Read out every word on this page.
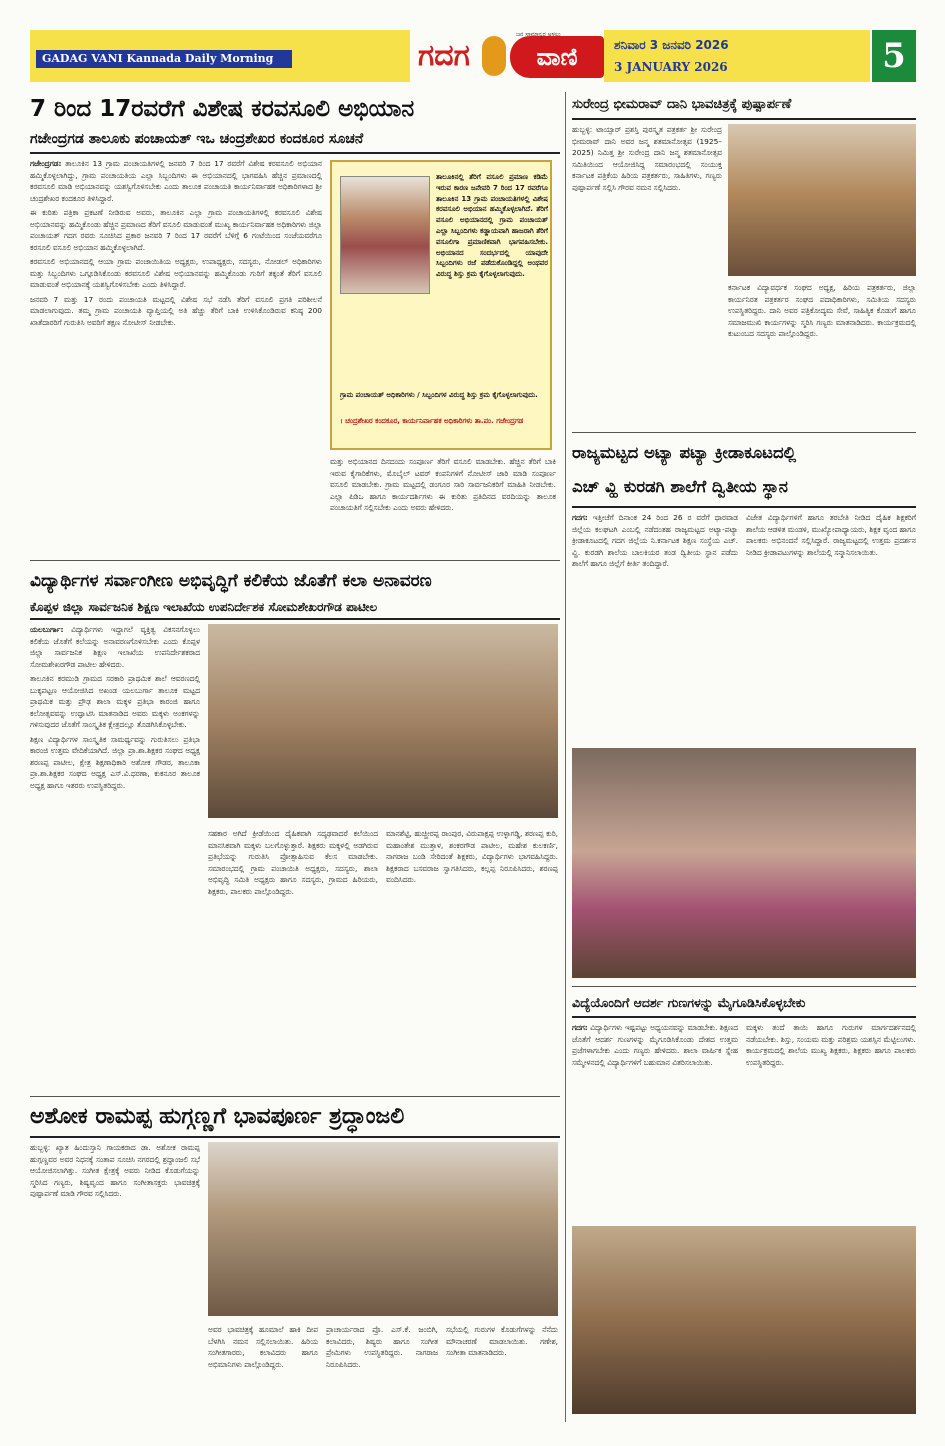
GADAG VANI Kannada Daily Morning	ಗದಗ	ವಾಣಿ
ಜನ ಸಾಮಾನ್ಯರ ಅಳಲು
ಶನಿವಾರ 3 ಜನವರಿ 2026
3 JANUARY 2026	5
7 ರಿಂದ 17ರವರೆಗೆ ವಿಶೇಷ ಕರವಸೂಲಿ ಅಭಿಯಾನ
ಗಜೇಂದ್ರಗಡ ತಾಲೂಕು ಪಂಚಾಯತ್ ಇಒ ಚಂದ್ರಶೇಖರ ಕಂದಕೂರ ಸೂಚನೆ

ಗಜೇಂದ್ರಗಡ: ತಾಲೂಕಿನ 13 ಗ್ರಾಮ ಪಂಚಾಯತಿಗಳಲ್ಲಿ ಜನವರಿ 7 ರಿಂದ 17 ರವರೆಗೆ ವಿಶೇಷ ಕರವಸೂಲಿ ಅಭಿಯಾನ ಹಮ್ಮಿಕೊಳ್ಳಲಾಗಿದ್ದು, ಗ್ರಾಮ ಪಂಚಾಯತಿಯ ಎಲ್ಲಾ ಸಿಬ್ಬಂದಿಗಳು ಈ ಅಭಿಯಾನದಲ್ಲಿ ಭಾಗವಹಿಸಿ ಹೆಚ್ಚಿನ ಪ್ರಮಾಣದಲ್ಲಿ ಕರವಸೂಲಿ ಮಾಡಿ ಅಭಿಯಾನವನ್ನು ಯಶಸ್ವಿಗೊಳಿಸಬೇಕು ಎಂದು ತಾಲೂಕ ಪಂಚಾಯತಿ ಕಾರ್ಯನಿರ್ವಾಹಕ ಅಧಿಕಾರಿಗಳಾದ ಶ್ರೀ ಚಂದ್ರಶೇಖರ ಕಂದಕೂರ ತಿಳಿಸಿದ್ದಾರೆ.

ಈ ಕುರಿತು ಪತ್ರಿಕಾ ಪ್ರಕಟಣೆ ನೀಡಿರುವ ಅವರು, ತಾಲೂಕಿನ ಎಲ್ಲಾ ಗ್ರಾಮ ಪಂಚಾಯತಿಗಳಲ್ಲಿ ಕರವಸೂಲಿ ವಿಶೇಷ ಅಭಿಯಾನವನ್ನು ಹಮ್ಮಿಕೊಂಡು ಹೆಚ್ಚಿನ ಪ್ರಮಾಣದ ತೆರಿಗೆ ವಸೂಲಿ ಮಾಡುವಂತೆ ಮುಖ್ಯ ಕಾರ್ಯನಿರ್ವಾಹಕ ಅಧಿಕಾರಿಗಳು ಜಿಲ್ಲಾ ಪಂಚಾಯತ್ ಗದಗ ರವರು ಸೂಚಿಸಿದ ಪ್ರಕಾರ ಜನವರಿ 7 ರಿಂದ 17 ರವರೆಗೆ ಬೆಳಿಗ್ಗೆ 6 ಗಂಟೆಯಿಂದ ಸಂಜೆಯವರೆಗೂ ಕರಸೂಲಿ ವಸೂಲಿ ಅಭಿಯಾನ ಹಮ್ಮಿಕೊಳ್ಳಲಾಗಿದೆ.

ಕರವಸೂಲಿ ಅಭಿಯಾನದಲ್ಲಿ ಆಯಾ ಗ್ರಾಮ ಪಂಚಾಯಿತಿಯ ಅಧ್ಯಕ್ಷರು, ಉಪಾಧ್ಯಕ್ಷರು, ಸದಸ್ಯರು, ನೋಡಲ್ ಅಧಿಕಾರಿಗಳು ಮತ್ತು ಸಿಬ್ಬಂದಿಗಳು ಒಗ್ಗೂಡಿಸಿಕೊಂಡು ಕರವಸೂಲಿ ವಿಶೇಷ ಅಭಿಯಾನವನ್ನು ಹಮ್ಮಿಕೊಂಡು ಗುರಿಗೆ ತಕ್ಕಂತೆ ತೆರಿಗೆ ವಸೂಲಿ ಮಾಡುವಂತೆ ಅಭಿಯಾನಕ್ಕೆ ಯಶಸ್ವಿಗೊಳಿಸಬೇಕು ಎಂದು ತಿಳಿಸಿದ್ದಾರೆ.

ಜನವರಿ 7 ಮತ್ತು 17 ರಂದು ಪಂಚಾಯತಿ ಮಟ್ಟದಲ್ಲಿ ವಿಶೇಷ ಸಭೆ ನಡೆಸಿ ತೆರಿಗೆ ವಸೂಲಿ ಪ್ರಗತಿ ಪರಿಶೀಲನೆ ಮಾಡಲಾಗುವುದು. ತಮ್ಮ ಗ್ರಾಮ ಪಂಚಾಯತಿ ವ್ಯಾಪ್ತಿಯಲ್ಲಿ ಅತಿ ಹೆಚ್ಚು ತೆರಿಗೆ ಬಾಕಿ ಉಳಿಸಿಕೊಂಡಿರುವ ಕನಿಷ್ಠ 200 ಖಾತೆದಾರರಿಗೆ ಗುರುತಿಸಿ ಅವರಿಗೆ ತಕ್ಷಣ ನೋಟೀಸ್ ನೀಡಬೇಕು.

ತಾಲೂಕಿನಲ್ಲಿ ತೆರಿಗೆ ವಸೂಲಿ ಪ್ರಮಾಣ ಕಡಿಮೆ ಇರುವ ಕಾರಣ ಜನೇವರಿ 7 ರಿಂದ 17 ರವರೆಗೂ ತಾಲೂಕಿನ 13 ಗ್ರಾಮ ಪಂಚಾಯತಿಗಳಲ್ಲಿ ವಿಶೇಷ ಕರವಸೂಲಿ ಅಭಿಯಾನ ಹಮ್ಮಿಕೊಳ್ಳಲಾಗಿದೆ. ತೆರಿಗೆ ವಸೂಲಿ ಅಭಿಯಾನದಲ್ಲಿ ಗ್ರಾಮ ಪಂಚಾಯತ್ ಎಲ್ಲಾ ಸಿಬ್ಬಂದಿಗಳು ಕಡ್ಡಾಯವಾಗಿ ಹಾಜರಾಗಿ ತೆರಿಗೆ ವಸೂಲಿಗಾ ಪ್ರಮಾಣಿಕವಾಗಿ ಭಾಗವಹಿಸಬೇಕು. ಅಭಿಯಾನದ ಸಂದರ್ಭದಲ್ಲಿ ಯಾವುದೇ ಸಿಬ್ಬಂದಿಗಳು ರಜೆ ಪಡೆದುಕೊಂಡಿದ್ದಲ್ಲಿ ಅಂಥವರ ವಿರುದ್ಧ ಶಿಸ್ತು ಕ್ರಮ ಕೈಗೊಳ್ಳಲಾಗುವುದು.
ಗ್ರಾಮ ಪಂಚಾಯತ್ ಅಧಿಕಾರಿಗಳು / ಸಿಬ್ಬಂದಿಗಳ ವಿರುದ್ಧ ಶಿಸ್ತು ಕ್ರಮ ಕೈಗೊಳ್ಳಲಾಗುವುದು.
। ಚಂದ್ರಶೇಖರ ಕಂದಕೂರ, ಕಾರ್ಯನಿರ್ವಾಹಕ ಅಧಿಕಾರಿಗಳು ತಾ.ಪಂ. ಗಜೇಂದ್ರಗಡ
ಮತ್ತು ಅಭಿಯಾನದ ದಿನದಂದು ಸಂಪೂರ್ಣ ತೆರಿಗೆ ವಸೂಲಿ ಮಾಡಬೇಕು. ಹೆಚ್ಚಿನ ತೆರಿಗೆ ಬಾಕಿ ಇರುವ ಕೈಗಾರಿಕೆಗಳು, ಮೊಬೈಲ್ ಟವರ್ ಕಂಪನಿಗಳಿಗೆ ನೋಟೀಸ್ ಜಾರಿ ಮಾಡಿ ಸಂಪೂರ್ಣ ವಸೂಲಿ ಮಾಡಬೇಕು. ಗ್ರಾಮ ಮಟ್ಟದಲ್ಲಿ ಡಂಗೂರ ಸಾರಿ ಸಾರ್ವಜನಿಕರಿಗೆ ಮಾಹಿತಿ ನೀಡಬೇಕು. ಎಲ್ಲಾ ಪಿಡಿಒ ಹಾಗೂ ಕಾರ್ಯದರ್ಶಿಗಳು ಈ ಕುರಿತು ಪ್ರತಿದಿನದ ವರದಿಯನ್ನು ತಾಲೂಕ ಪಂಚಾಯತಿಗೆ ಸಲ್ಲಿಸಬೇಕು ಎಂದು ಅವರು ಹೇಳಿದರು.
ವಿದ್ಯಾರ್ಥಿಗಳ ಸರ್ವಾಂಗೀಣ ಅಭಿವೃದ್ಧಿಗೆ ಕಲಿಕೆಯ ಜೊತೆಗೆ ಕಲಾ ಅನಾವರಣ
ಕೊಪ್ಪಳ ಜಿಲ್ಲಾ ಸಾರ್ವಜನಿಕ ಶಿಕ್ಷಣ ಇಲಾಖೆಯ ಉಪನಿರ್ದೇಶಕ ಸೋಮಶೇಖರಗೌಡ ಪಾಟೀಲ

ಯಲಬುರ್ಗಾ: ವಿದ್ಯಾರ್ಥಿಗಳು ಇದ್ದಾಗಲೆ ವ್ಯಕ್ತಿತ್ವ ವಿಕಸನಗೊಳ್ಳಲು ಕಲಿಕೆಯ ಜೊತೆಗೆ ಕಲೆಯನ್ನು ಅನಾವರಣಗೊಳಿಸಬೇಕು ಎಂದು ಕೊಪ್ಪಳ ಜಿಲ್ಲಾ ಸಾರ್ವಜನಿಕ ಶಿಕ್ಷಣ ಇಲಾಖೆಯ ಉಪನಿರ್ದೇಶಕರಾದ ಸೋಮಶೇಖರಗೌಡ ಪಾಟೀಲ ಹೇಳಿದರು.

ತಾಲೂಕಿನ ಕರಮುಡಿ ಗ್ರಾಮದ ಸರಕಾರಿ ಪ್ರಾಥಮಿಕ ಶಾಲೆ ಆವರಣದಲ್ಲಿ ಬುಕ್ಕಪಟ್ಟಣ ಆಯೋಜಿಸಿದ ಅಖಂಡ ಯಲಬುರ್ಗಾ ತಾಲೂಕ ಮಟ್ಟದ ಪ್ರಾಥಮಿಕ ಮತ್ತು ಪ್ರೌಢ ಶಾಲಾ ಮಕ್ಕಳ ಪ್ರತಿಭಾ ಕಾರಂಜಿ ಹಾಗೂ ಕಲೋತ್ಸವವನ್ನು ಉದ್ಘಾಟಿಸಿ ಮಾತನಾಡಿದ ಅವರು ಮಕ್ಕಳು ಅಂಕಗಳನ್ನು ಗಳಿಸುವುದರ ಜೊತೆಗೆ ಸಾಂಸ್ಕೃತಿಕ ಕ್ಷೇತ್ರದಲ್ಲೂ ತೊಡಗಿಸಿಕೊಳ್ಳಬೇಕು.

ಶಿಕ್ಷಣ ವಿದ್ಯಾರ್ಥಿಗಳ ಸಾಂಸ್ಕೃತಿಕ ಸಾಮರ್ಥ್ಯವನ್ನು ಗುರುತಿಸಲು ಪ್ರತಿಭಾ ಕಾರಂಜಿ ಉತ್ತಮ ವೇದಿಕೆಯಾಗಿದೆ. ಜಿಲ್ಲಾ ಪ್ರಾ.ಶಾ.ಶಿಕ್ಷಕರ ಸಂಘದ ಅಧ್ಯಕ್ಷ ಶರಣಪ್ಪ ಪಾಟೀಲ, ಕ್ಷೇತ್ರ ಶಿಕ್ಷಣಾಧಿಕಾರಿ ಅಶೋಕ ಗೌಡರ, ತಾಲೂಕಾ ಪ್ರಾ.ಶಾ.ಶಿಕ್ಷಕರ ಸಂಘದ ಅಧ್ಯಕ್ಷ ಎಸ್.ವಿ.ಧರಣಾ, ಕುಕನೂರ ತಾಲೂಕ ಅಧ್ಯಕ್ಷ ಹಾಗೂ ಇತರರು ಉಪಸ್ಥಿತರಿದ್ದರು.

ಸಹಕಾರ ಅಗಿದೆ ಕ್ರೀಡೆಯಿಂದ ದೈಹಿಕವಾಗಿ ಸದೃಢವಾದರೆ ಕಲೆಯಿಂದ ಮಾನಸಿಕವಾಗಿ ಮಕ್ಕಳು ಬಲಗೊಳ್ಳುತ್ತಾರೆ. ಶಿಕ್ಷಕರು ಮಕ್ಕಳಲ್ಲಿ ಅಡಗಿರುವ ಪ್ರತಿಭೆಯನ್ನು ಗುರುತಿಸಿ ಪ್ರೋತ್ಸಾಹಿಸುವ ಕೆಲಸ ಮಾಡಬೇಕು. ಸಮಾರಂಭದಲ್ಲಿ ಗ್ರಾಮ ಪಂಚಾಯಿತಿ ಅಧ್ಯಕ್ಷರು, ಸದಸ್ಯರು, ಶಾಲಾ ಅಭಿವೃದ್ಧಿ ಸಮಿತಿ ಅಧ್ಯಕ್ಷರು ಹಾಗೂ ಸದಸ್ಯರು, ಗ್ರಾಮದ ಹಿರಿಯರು, ಶಿಕ್ಷಕರು, ಪಾಲಕರು ಪಾಲ್ಗೊಂಡಿದ್ದರು.
ಮಾನಶೆಟ್ಟಿ, ಹುಚ್ಚೀರಪ್ಪ ರಾಂಪುರ, ವಿರುಪಾಕ್ಷಪ್ಪ ಉಳ್ಳಾಗಡ್ಡಿ, ಶರಣಪ್ಪ ಕುರಿ, ಮಹಾಂತೇಶ ಮುತ್ತಾಳ, ಶಂಕರಗೌಡ ಪಾಟೀಲ, ಮಹೇಶ ಕುಲಕರ್ಣಿ, ನಾಗರಾಜ ಬಂಡಿ ಸೇರಿದಂತೆ ಶಿಕ್ಷಕರು, ವಿದ್ಯಾರ್ಥಿಗಳು ಭಾಗವಹಿಸಿದ್ದರು. ಶಿಕ್ಷಕರಾದ ಬಸವರಾಜ ಸ್ವಾಗತಿಸಿದರು, ಕಲ್ಲಪ್ಪ ನಿರೂಪಿಸಿದರು, ಶರಣಪ್ಪ ವಂದಿಸಿದರು.
ಅಶೋಕ ರಾಮಪ್ಪ ಹುಗ್ಗಣ್ಣಗೆ ಭಾವಪೂರ್ಣ ಶ್ರದ್ಧಾಂಜಲಿ
ಹುಬ್ಬಳ್ಳಿ: ಖ್ಯಾತ ಹಿಂದುಸ್ತಾನಿ ಗಾಯಕರಾದ ಡಾ. ಅಶೋಕ ರಾಮಪ್ಪ ಹುಗ್ಗಣ್ಣವರ ಅವರ ನಿಧನಕ್ಕೆ ಸಂತಾಪ ಸೂಚಿಸಿ ನಗರದಲ್ಲಿ ಶ್ರದ್ಧಾಂಜಲಿ ಸಭೆ ಆಯೋಜಿಸಲಾಗಿತ್ತು. ಸಂಗೀತ ಕ್ಷೇತ್ರಕ್ಕೆ ಅವರು ನೀಡಿದ ಕೊಡುಗೆಯನ್ನು ಸ್ಮರಿಸಿದ ಗಣ್ಯರು, ಶಿಷ್ಯವೃಂದ ಹಾಗೂ ಸಂಗೀತಾಸಕ್ತರು ಭಾವಚಿತ್ರಕ್ಕೆ ಪುಷ್ಪಾರ್ಪಣೆ ಮಾಡಿ ಗೌರವ ಸಲ್ಲಿಸಿದರು.
ಅವರ ಭಾವಚಿತ್ರಕ್ಕೆ ಹೂಮಾಲೆ ಹಾಕಿ ದೀಪ ಬೆಳಗಿಸಿ ನಮನ ಸಲ್ಲಿಸಲಾಯಿತು. ಹಿರಿಯ ಸಂಗೀತಗಾರರು, ಕಲಾವಿದರು ಹಾಗೂ ಅಭಿಮಾನಿಗಳು ಪಾಲ್ಗೊಂಡಿದ್ದರು.
ಪ್ರಾಚಾರ್ಯರಾದ ಪ್ರೊ. ಎಸ್.ಕೆ. ಜಂಬಿಗಿ, ಕಲಾವಿದರು, ಶಿಷ್ಯರು ಹಾಗೂ ಸಂಗೀತ ಪ್ರೇಮಿಗಳು ಉಪಸ್ಥಿತರಿದ್ದರು. ನಾಗರಾಜ ನಿರೂಪಿಸಿದರು.
ಸಭೆಯಲ್ಲಿ ಗುರುಗಳ ಕೊಡುಗೆಗಳನ್ನು ನೆನೆದು ಮೌನಾಚರಣೆ ಮಾಡಲಾಯಿತು. ಗಣೇಶ, ಸಂಗೀತಾ ಮಾತನಾಡಿದರು.
ಸುರೇಂದ್ರ ಭೀಮರಾವ್ ದಾನಿ ಭಾವಚಿತ್ರಕ್ಕೆ ಪುಷ್ಪಾರ್ಪಣೆ
ಹುಬ್ಬಳ್ಳಿ: ಟಾಯ್ಸಾರ್ ಪ್ರಶಸ್ತಿ ಪುರಸ್ಕೃತ ಪತ್ರಕರ್ತ ಶ್ರೀ ಸುರೇಂದ್ರ ಭೀಮರಾವ್ ದಾನಿ ಅವರ ಜನ್ಮ ಶತಮಾನೋತ್ಸವ (1925–2025) ನಿಮಿತ್ತ ಶ್ರೀ ಸುರೇಂದ್ರ ದಾನಿ ಜನ್ಮ ಶತಮಾನೋತ್ಸವ ಸಮಿತಿಯಿಂದ ಆಯೋಜಿಸಿದ್ದ ಸಮಾರಂಭದಲ್ಲಿ ಸಂಯುಕ್ತ ಕರ್ನಾಟಕ ಪತ್ರಿಕೆಯ ಹಿರಿಯ ಪತ್ರಕರ್ತರು, ಸಾಹಿತಿಗಳು, ಗಣ್ಯರು ಪುಷ್ಪಾರ್ಪಣೆ ಸಲ್ಲಿಸಿ ಗೌರವ ನಮನ ಸಲ್ಲಿಸಿದರು.
ಕರ್ನಾಟಕ ವಿದ್ಯಾವರ್ಧಕ ಸಂಘದ ಅಧ್ಯಕ್ಷ, ಹಿರಿಯ ಪತ್ರಕರ್ತರು, ಜಿಲ್ಲಾ ಕಾರ್ಯನಿರತ ಪತ್ರಕರ್ತರ ಸಂಘದ ಪದಾಧಿಕಾರಿಗಳು, ಸಮಿತಿಯ ಸದಸ್ಯರು ಉಪಸ್ಥಿತರಿದ್ದರು. ದಾನಿ ಅವರ ಪತ್ರಿಕೋದ್ಯಮ ಸೇವೆ, ಸಾಹಿತ್ಯಿಕ ಕೊಡುಗೆ ಹಾಗೂ ಸಮಾಜಮುಖಿ ಕಾರ್ಯಗಳನ್ನು ಸ್ಮರಿಸಿ ಗಣ್ಯರು ಮಾತನಾಡಿದರು. ಕಾರ್ಯಕ್ರಮದಲ್ಲಿ ಕುಟುಂಬದ ಸದಸ್ಯರು ಪಾಲ್ಗೊಂಡಿದ್ದರು.
ರಾಜ್ಯಮಟ್ಟದ ಅಟ್ಯಾ ಪಟ್ಯಾ ಕ್ರೀಡಾಕೂಟದಲ್ಲಿ
ಎಚ್ ವ್ಹಿ ಕುರಡಗಿ ಶಾಲೆಗೆ ದ್ವಿತೀಯ ಸ್ಥಾನ

ಗದಗ: ಇತ್ತೀಚೆಗೆ ದಿನಾಂಕ 24 ರಿಂದ 26 ರ ವರೆಗೆ ಧಾರವಾಡ ಜಿಲ್ಲೆಯ ಕಲಘಟಗಿ ಎಂಬಲ್ಲಿ ನಡೆದಂತಹ ರಾಜ್ಯಮಟ್ಟದ ಅಟ್ಯಾ-ಪಟ್ಯಾ ಕ್ರೀಡಾಕೂಟದಲ್ಲಿ ಗದಗ ಜಿಲ್ಲೆಯ ನಿ.ಕರ್ನಾಟಕ ಶಿಕ್ಷಣ ಸಂಸ್ಥೆಯ ಎಚ್. ವ್ಹಿ. ಕುರಡಗಿ ಶಾಲೆಯ ಬಾಲಕಿಯರ ತಂಡ ದ್ವಿತೀಯ ಸ್ಥಾನ ಪಡೆದು ಶಾಲೆಗೆ ಹಾಗೂ ಜಿಲ್ಲೆಗೆ ಕೀರ್ತಿ ತಂದಿದ್ದಾರೆ.

ವಿಜೇತ ವಿದ್ಯಾರ್ಥಿಗಳಿಗೆ ಹಾಗೂ ತರಬೇತಿ ನೀಡಿದ ದೈಹಿಕ ಶಿಕ್ಷಕರಿಗೆ ಶಾಲೆಯ ಆಡಳಿತ ಮಂಡಳಿ, ಮುಖ್ಯೋಪಾಧ್ಯಾಯರು, ಶಿಕ್ಷಕ ವೃಂದ ಹಾಗೂ ಪಾಲಕರು ಅಭಿನಂದನೆ ಸಲ್ಲಿಸಿದ್ದಾರೆ. ರಾಜ್ಯಮಟ್ಟದಲ್ಲಿ ಉತ್ತಮ ಪ್ರದರ್ಶನ ನೀಡಿದ ಕ್ರೀಡಾಪಟುಗಳನ್ನು ಶಾಲೆಯಲ್ಲಿ ಸನ್ಮಾನಿಸಲಾಯಿತು.
ವಿದ್ಯೆಯೊಂದಿಗೆ ಆದರ್ಶ ಗುಣಗಳನ್ನು ಮೈಗೂಡಿಸಿಕೊಳ್ಳಬೇಕು

ಗದಗ: ವಿದ್ಯಾರ್ಥಿಗಳು ಇಷ್ಟಪಟ್ಟು ಅಧ್ಯಯನವನ್ನು ಮಾಡಬೇಕು. ಶಿಕ್ಷಣದ ಜೊತೆಗೆ ಆದರ್ಶ ಗುಣಗಳನ್ನು ಮೈಗೂಡಿಸಿಕೊಂಡು ದೇಶದ ಉತ್ತಮ ಪ್ರಜೆಗಳಾಗಬೇಕು ಎಂದು ಗಣ್ಯರು ಹೇಳಿದರು. ಶಾಲಾ ವಾರ್ಷಿಕ ಸ್ನೇಹ ಸಮ್ಮೇಳನದಲ್ಲಿ ವಿದ್ಯಾರ್ಥಿಗಳಿಗೆ ಬಹುಮಾನ ವಿತರಿಸಲಾಯಿತು.

ಮಕ್ಕಳು ತಂದೆ ತಾಯಿ ಹಾಗೂ ಗುರುಗಳ ಮಾರ್ಗದರ್ಶನದಲ್ಲಿ ನಡೆಯಬೇಕು. ಶಿಸ್ತು, ಸಂಯಮ ಮತ್ತು ಪರಿಶ್ರಮ ಯಶಸ್ಸಿನ ಮೆಟ್ಟಿಲುಗಳು. ಕಾರ್ಯಕ್ರಮದಲ್ಲಿ ಶಾಲೆಯ ಮುಖ್ಯ ಶಿಕ್ಷಕರು, ಶಿಕ್ಷಕರು ಹಾಗೂ ಪಾಲಕರು ಉಪಸ್ಥಿತರಿದ್ದರು.
